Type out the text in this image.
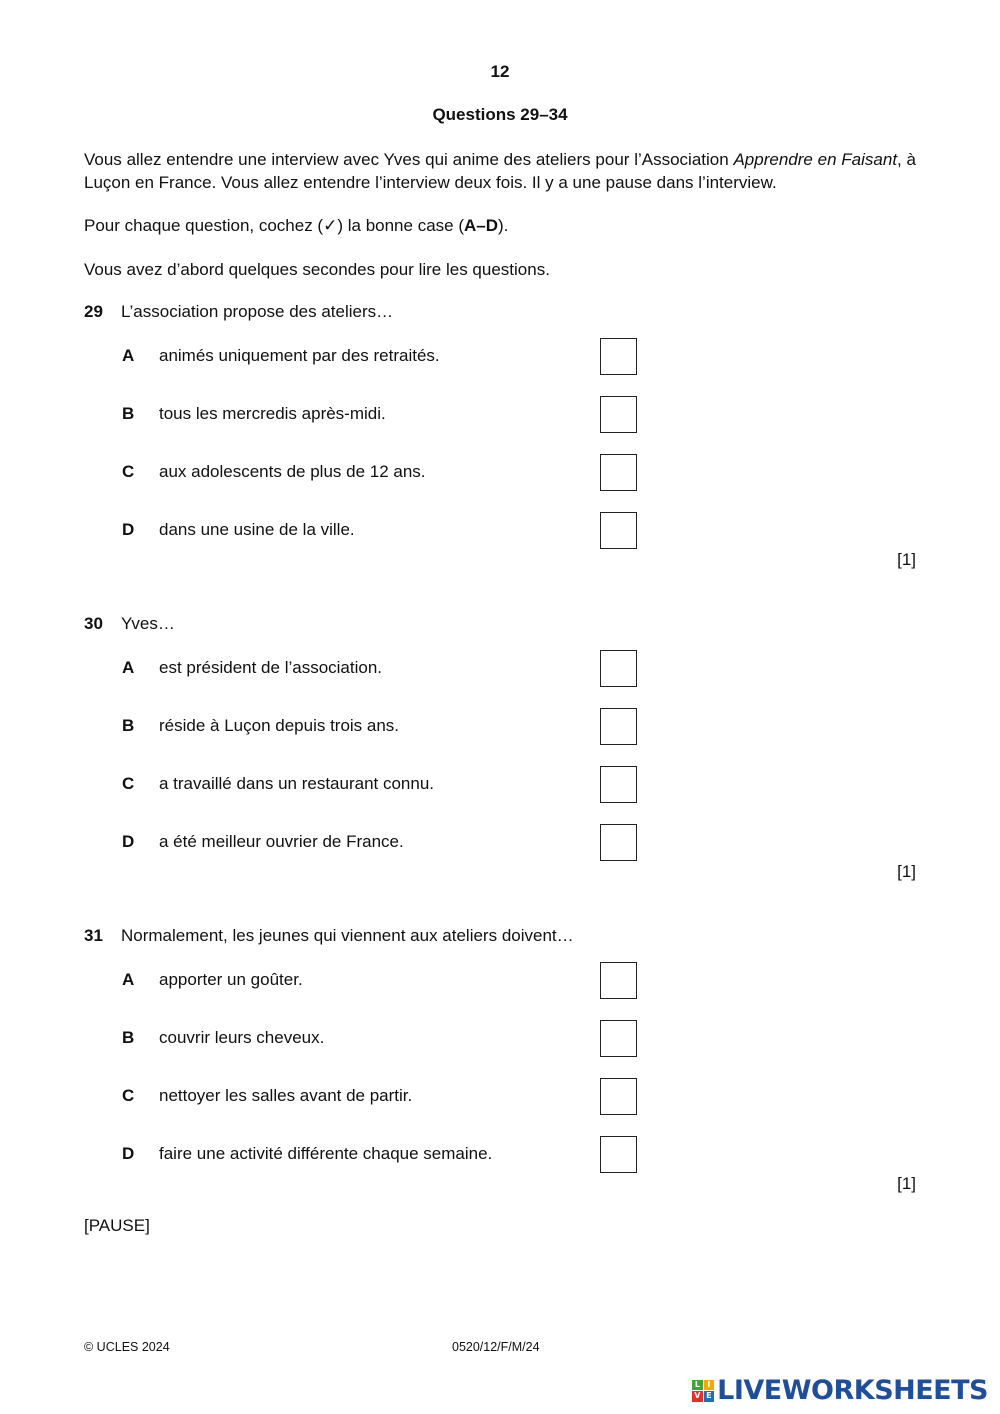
12
Questions 29–34
Vous allez entendre une interview avec Yves qui anime des ateliers pour l’Association Apprendre en Faisant, à Luçon en France. Vous allez entendre l’interview deux fois. Il y a une pause dans l’interview.
Pour chaque question, cochez (✓) la bonne case (A–D).
Vous avez d’abord quelques secondes pour lire les questions.
29 L’association propose des ateliers…
A animés uniquement par des retraités.
B tous les mercredis après-midi.
C aux adolescents de plus de 12 ans.
D dans une usine de la ville.
[1]
30 Yves…
A est président de l’association.
B réside à Luçon depuis trois ans.
C a travaillé dans un restaurant connu.
D a été meilleur ouvrier de France.
[1]
31 Normalement, les jeunes qui viennent aux ateliers doivent…
A apporter un goûter.
B couvrir leurs cheveux.
C nettoyer les salles avant de partir.
D faire une activité différente chaque semaine.
[1]
[PAUSE]
© UCLES 2024	0520/12/F/M/24
L I
V E LIVEWORKSHEETS
